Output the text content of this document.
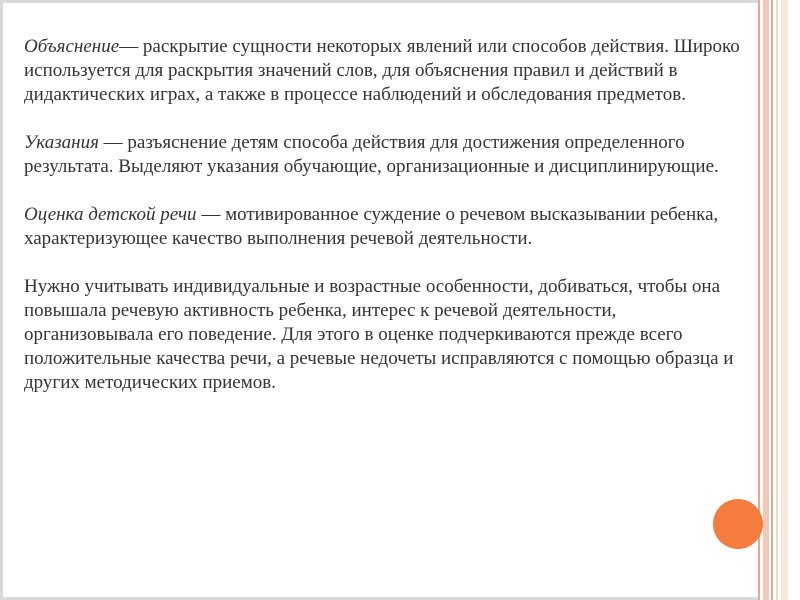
Объяснение— раскрытие сущности некоторых явлений или способов действия. Широко используется для раскрытия значений слов, для объяснения правил и действий в дидактических играх, а также в процессе наблюдений и обследования предметов.

Указания — разъяснение детям способа действия для достижения определенного результата. Выделяют указания обучающие, организационные и дисциплинирующие.

Оценка детской речи — мотивированное суждение о речевом высказывании ребенка, характеризующее качество выполнения речевой деятельности.

Нужно учитывать индивидуальные и возрастные особенности, добиваться, чтобы она повышала речевую активность ребенка, интерес к речевой деятельности, организовывала его поведение. Для этого в оценке подчеркиваются прежде всего положительные качества речи, а речевые недочеты исправляются с помощью образца и других методических приемов.
